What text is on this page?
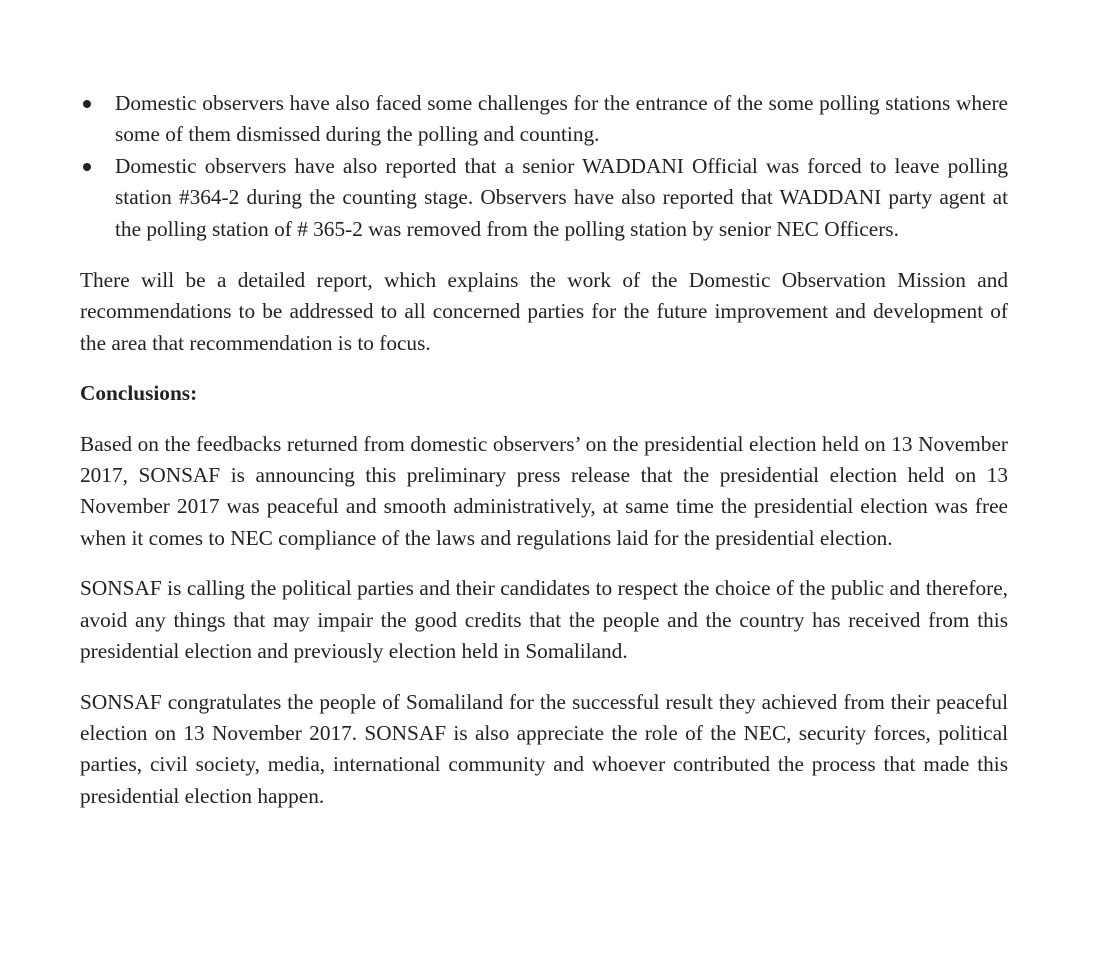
Domestic observers have also faced some challenges for the entrance of the some polling stations where some of them dismissed during the polling and counting.
Domestic observers have also reported that a senior WADDANI Official was forced to leave polling station #364-2 during the counting stage. Observers have also reported that WADDANI party agent at the polling station of # 365-2 was removed from the polling station by senior NEC Officers.

There will be a detailed report, which explains the work of the Domestic Observation Mission and recommendations to be addressed to all concerned parties for the future improvement and development of the area that recommendation is to focus.

Conclusions:

Based on the feedbacks returned from domestic observers’ on the presidential election held on 13 November 2017, SONSAF is announcing this preliminary press release that the presidential election held on 13 November 2017 was peaceful and smooth administratively, at same time the presidential election was free when it comes to NEC compliance of the laws and regulations laid for the presidential election.

SONSAF is calling the political parties and their candidates to respect the choice of the public and therefore, avoid any things that may impair the good credits that the people and the country has received from this presidential election and previously election held in Somaliland.

SONSAF congratulates the people of Somaliland for the successful result they achieved from their peaceful election on 13 November 2017. SONSAF is also appreciate the role of the NEC, security forces, political parties, civil society, media, international community and whoever contributed the process that made this presidential election happen.
